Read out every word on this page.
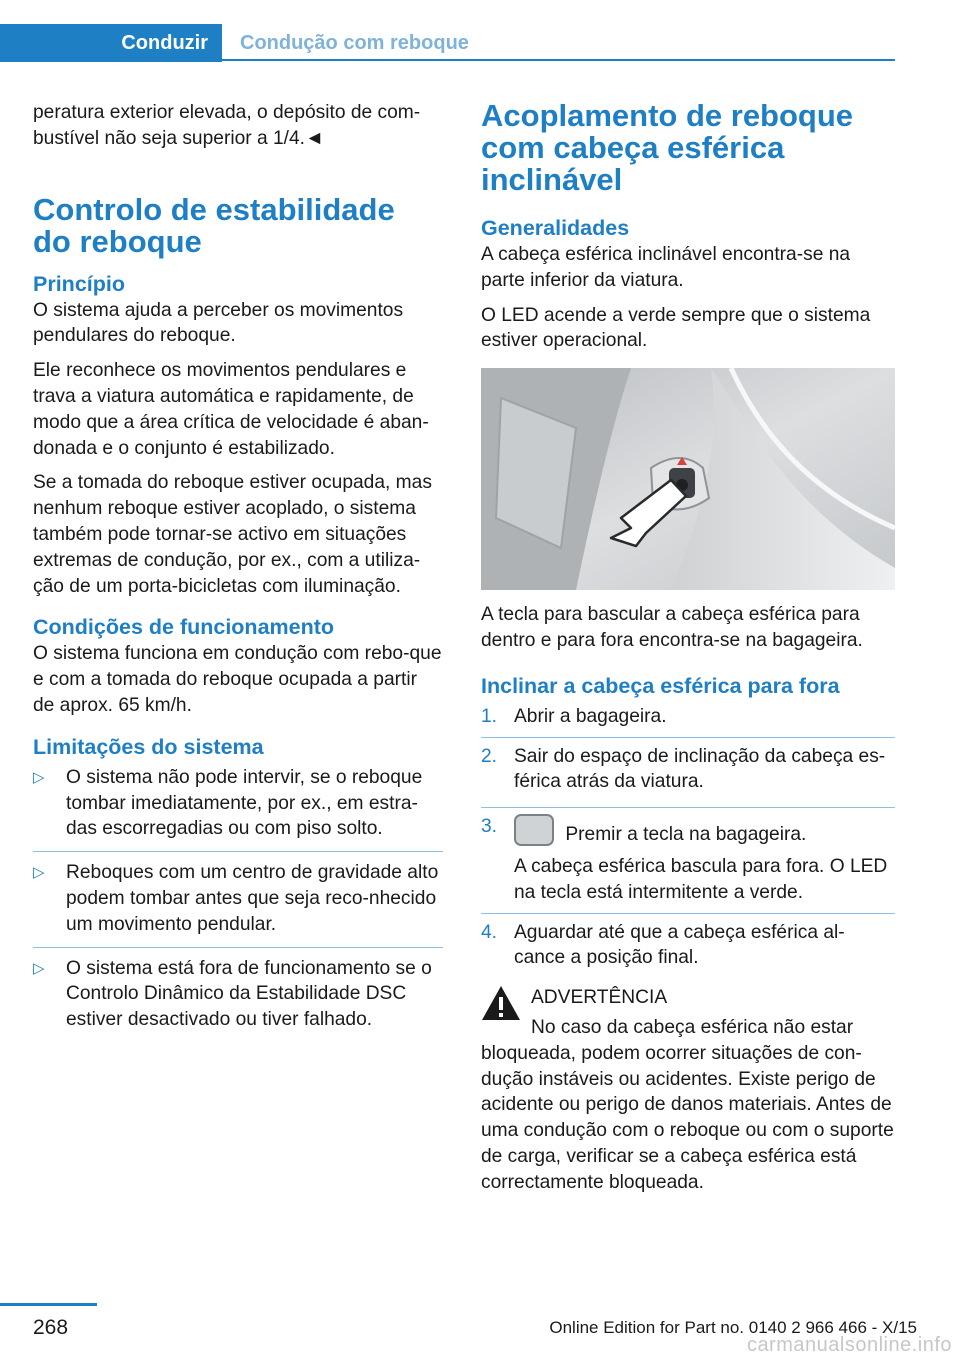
Conduzir	Condução com reboque

peratura exterior elevada, o depósito de com-bustível não seja superior a 1/4.◄

Controlo de estabilidade do reboque
Princípio

O sistema ajuda a perceber os movimentos pendulares do reboque.

Ele reconhece os movimentos pendulares e trava a viatura automática e rapidamente, de modo que a área crítica de velocidade é aban-donada e o conjunto é estabilizado.

Se a tomada do reboque estiver ocupada, mas nenhum reboque estiver acoplado, o sistema também pode tornar-se activo em situações extremas de condução, por ex., com a utiliza-ção de um porta-bicicletas com iluminação.

Condições de funcionamento

O sistema funciona em condução com rebo-que e com a tomada do reboque ocupada a partir de aprox. 65 km/h.

Limitações do sistema
▷ O sistema não pode intervir, se o reboque tombar imediatamente, por ex., em estra-das escorregadias ou com piso solto.
▷ Reboques com um centro de gravidade alto podem tombar antes que seja reco-nhecido um movimento pendular.
▷ O sistema está fora de funcionamento se o Controlo Dinâmico da Estabilidade DSC estiver desactivado ou tiver falhado.
Acoplamento de reboque com cabeça esférica inclinável
Generalidades

A cabeça esférica inclinável encontra-se na parte inferior da viatura.

O LED acende a verde sempre que o sistema estiver operacional.

A tecla para bascular a cabeça esférica para dentro e para fora encontra-se na bagageira.

Inclinar a cabeça esférica para fora
1. Abrir a bagageira.
2. Sair do espaço de inclinação da cabeça es-férica atrás da viatura.
3.	Premir a tecla na bagageira.
A cabeça esférica bascula para fora. O LED na tecla está intermitente a verde.
4. Aguardar até que a cabeça esférica al-cance a posição final.

ADVERTÊNCIA

No caso da cabeça esférica não estar bloqueada, podem ocorrer situações de con-dução instáveis ou acidentes. Existe perigo de acidente ou perigo de danos materiais. Antes de uma condução com o reboque ou com o suporte de carga, verificar se a cabeça esférica está correctamente bloqueada.

268	Online Edition for Part no. 0140 2 966 466 - X/15
carmanualsonline.info
